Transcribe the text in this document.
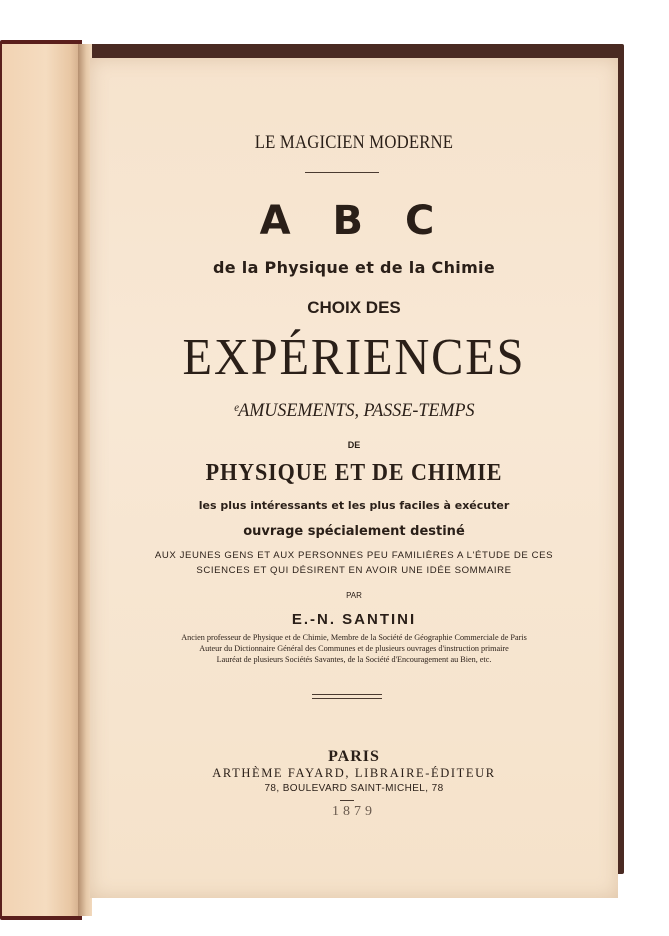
LE MAGICIEN MODERNE
A B C
de la Physique et de la Chimie
CHOIX DES
EXPÉRIENCES
ᵉAMUSEMENTS, PASSE-TEMPS
DE
PHYSIQUE ET DE CHIMIE
les plus intéressants et les plus faciles à exécuter
ouvrage spécialement destiné
AUX JEUNES GENS ET AUX PERSONNES PEU FAMILIÈRES A L'ÉTUDE DE CES
SCIENCES ET QUI DÉSIRENT EN AVOIR UNE IDÉE SOMMAIRE
PAR
E.-N. SANTINI
Ancien professeur de Physique et de Chimie, Membre de la Société de Géographie Commerciale de Paris
Auteur du Dictionnaire Général des Communes et de plusieurs ouvrages d'instruction primaire
Lauréat de plusieurs Sociétés Savantes, de la Société d'Encouragement au Bien, etc.
PARIS
ARTHÈME FAYARD, LIBRAIRE-ÉDITEUR
78, BOULEVARD SAINT-MICHEL, 78
1879
